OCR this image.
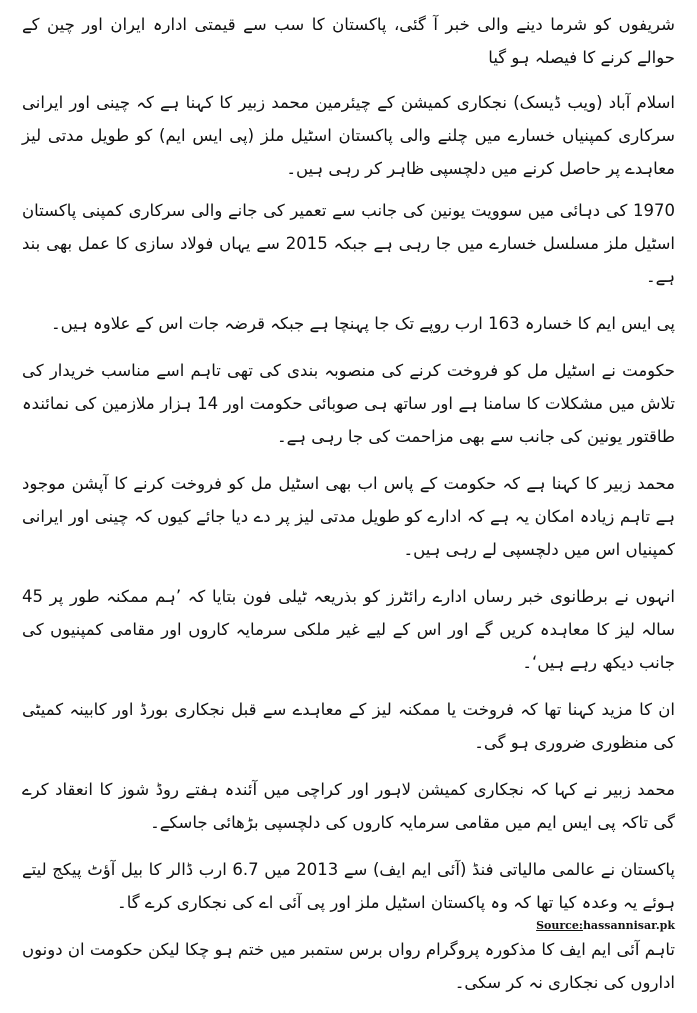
شریفوں کو شرما دینے والی خبر آ گئی، پاکستان کا سب سے قیمتی ادارہ ایران اور چین کے حوالے کرنے کا فیصلہ ہو گیا

اسلام آباد (ویب ڈیسک) نجکاری کمیشن کے چیئرمین محمد زبیر کا کہنا ہے کہ چینی اور ایرانی سرکاری کمپنیاں خسارے میں چلنے والی پاکستان اسٹیل ملز (پی ایس ایم) کو طویل مدتی لیز معاہدے پر حاصل کرنے میں دلچسپی ظاہر کر رہی ہیں۔

1970 کی دہائی میں سوویت یونین کی جانب سے تعمیر کی جانے والی سرکاری کمپنی پاکستان اسٹیل ملز مسلسل خسارے میں جا رہی ہے جبکہ 2015 سے یہاں فولاد سازی کا عمل بھی بند ہے۔

پی ایس ایم کا خسارہ 163 ارب روپے تک جا پہنچا ہے جبکہ قرضہ جات اس کے علاوہ ہیں۔

حکومت نے اسٹیل مل کو فروخت کرنے کی منصوبہ بندی کی تھی تاہم اسے مناسب خریدار کی تلاش میں مشکلات کا سامنا ہے اور ساتھ ہی صوبائی حکومت اور 14 ہزار ملازمین کی نمائندہ طاقتور یونین کی جانب سے بھی مزاحمت کی جا رہی ہے۔

محمد زبیر کا کہنا ہے کہ حکومت کے پاس اب بھی اسٹیل مل کو فروخت کرنے کا آپشن موجود ہے تاہم زیادہ امکان یہ ہے کہ ادارے کو طویل مدتی لیز پر دے دیا جائے کیوں کہ چینی اور ایرانی کمپنیاں اس میں دلچسپی لے رہی ہیں۔

انہوں نے برطانوی خبر رساں ادارے رائٹرز کو بذریعہ ٹیلی فون بتایا کہ ’ہم ممکنہ طور پر 45 سالہ لیز کا معاہدہ کریں گے اور اس کے لیے غیر ملکی سرمایہ کاروں اور مقامی کمپنیوں کی جانب دیکھ رہے ہیں‘۔

ان کا مزید کہنا تھا کہ فروخت یا ممکنہ لیز کے معاہدے سے قبل نجکاری بورڈ اور کابینہ کمیٹی کی منظوری ضروری ہو گی۔

محمد زبیر نے کہا کہ نجکاری کمیشن لاہور اور کراچی میں آئندہ ہفتے روڈ شوز کا انعقاد کرے گی تاکہ پی ایس ایم میں مقامی سرمایہ کاروں کی دلچسپی بڑھائی جاسکے۔

پاکستان نے عالمی مالیاتی فنڈ (آئی ایم ایف) سے 2013 میں 6.7 ارب ڈالر کا بیل آؤٹ پیکج لیتے ہوئے یہ وعدہ کیا تھا کہ وہ پاکستان اسٹیل ملز اور پی آئی اے کی نجکاری کرے گا۔

تاہم آئی ایم ایف کا مذکورہ پروگرام رواں برس ستمبر میں ختم ہو چکا لیکن حکومت ان دونوں اداروں کی نجکاری نہ کر سکی۔

Source:hassannisar.pk
